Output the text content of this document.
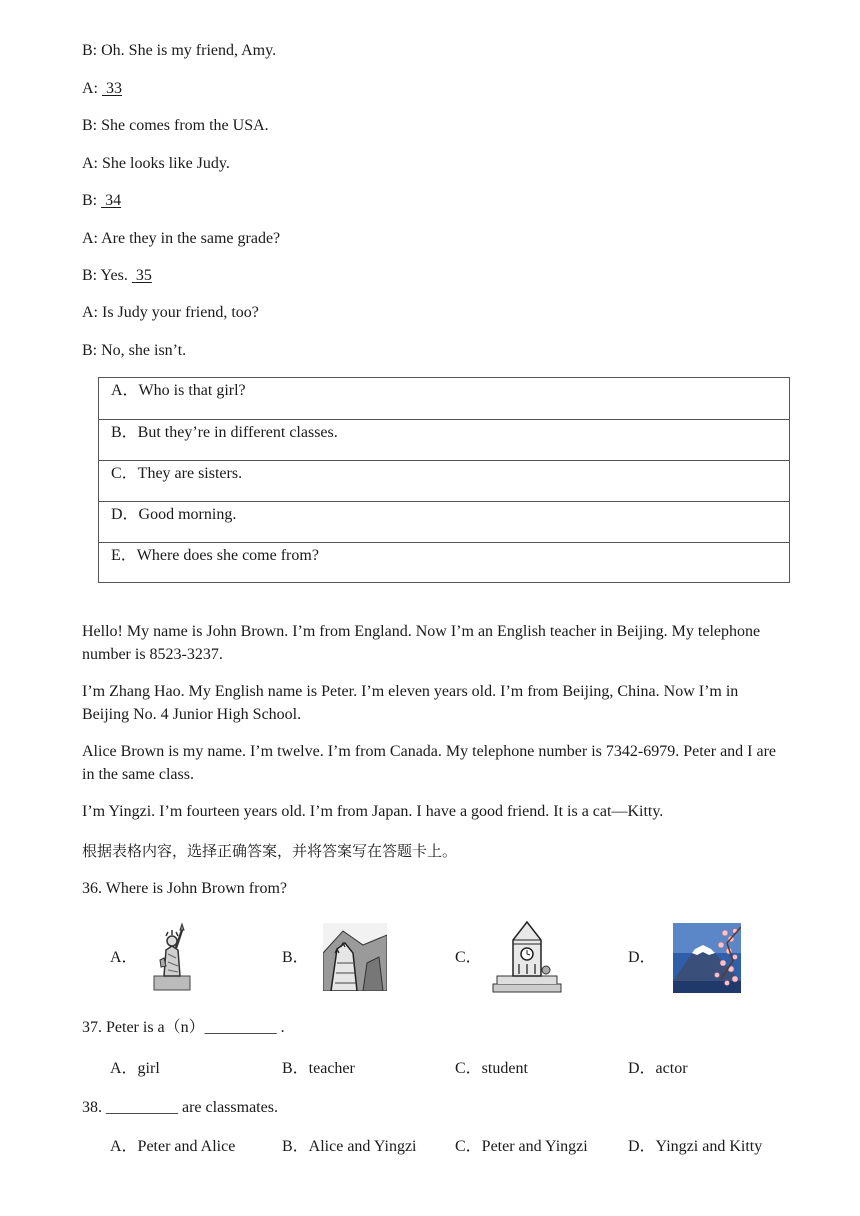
B: Oh. She is my friend, Amy.
A: 33
B: She comes from the USA.
A: She looks like Judy.
B: 34
A: Are they in the same grade?
B: Yes. 35
A: Is Judy your friend, too?
B: No, she isn’t.
A．Who is that girl?
B．But they’re in different classes.
C．They are sisters.
D．Good morning.
E．Where does she come from?
Hello! My name is John Brown. I’m from England. Now I’m an English teacher in Beijing. My telephone number is 8523-3237.
I’m Zhang Hao. My English name is Peter. I’m eleven years old. I’m from Beijing, China. Now I’m in Beijing No. 4 Junior High School.
Alice Brown is my name. I’m twelve. I’m from Canada. My telephone number is 7342-6979. Peter and I are in the same class.
I’m Yingzi. I’m fourteen years old. I’m from Japan. I have a good friend. It is a cat—Kitty.
根据表格内容，选择正确答案，并将答案写在答题卡上。
36. Where is John Brown from?
A．	B．	C．	D．
37. Peter is a（n）_________ .
A．girl	B．teacher	C．student	D．actor
38. _________ are classmates.
A．Peter and Alice	B．Alice and Yingzi C．Peter and Yingzi	D．Yingzi and Kitty
